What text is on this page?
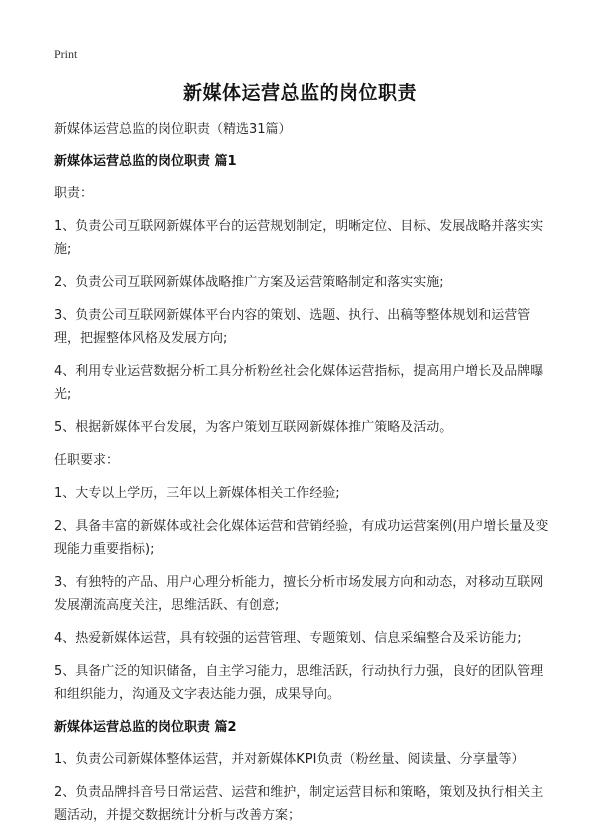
Print
新媒体运营总监的岗位职责

新媒体运营总监的岗位职责（精选31篇）

新媒体运营总监的岗位职责 篇1

职责：

1、负责公司互联网新媒体平台的运营规划制定，明晰定位、目标、发展战略并落实实施;

2、负责公司互联网新媒体战略推广方案及运营策略制定和落实实施;

3、负责公司互联网新媒体平台内容的策划、选题、执行、出稿等整体规划和运营管理，把握整体风格及发展方向;

4、利用专业运营数据分析工具分析粉丝社会化媒体运营指标，提高用户增长及品牌曝光;

5、根据新媒体平台发展，为客户策划互联网新媒体推广策略及活动。

任职要求：

1、大专以上学历，三年以上新媒体相关工作经验;

2、具备丰富的新媒体或社会化媒体运营和营销经验，有成功运营案例(用户增长量及变现能力重要指标);

3、有独特的产品、用户心理分析能力，擅长分析市场发展方向和动态，对移动互联网发展潮流高度关注，思维活跃、有创意;

4、热爱新媒体运营，具有较强的运营管理、专题策划、信息采编整合及采访能力;

5、具备广泛的知识储备，自主学习能力，思维活跃，行动执行力强，良好的团队管理和组织能力，沟通及文字表达能力强，成果导向。

新媒体运营总监的岗位职责 篇2

1、负责公司新媒体整体运营，并对新媒体KPI负责（粉丝量、阅读量、分享量等）

2、负责品牌抖音号日常运营、运营和维护，制定运营目标和策略，策划及执行相关主题活动，并提交数据统计分析与改善方案；
